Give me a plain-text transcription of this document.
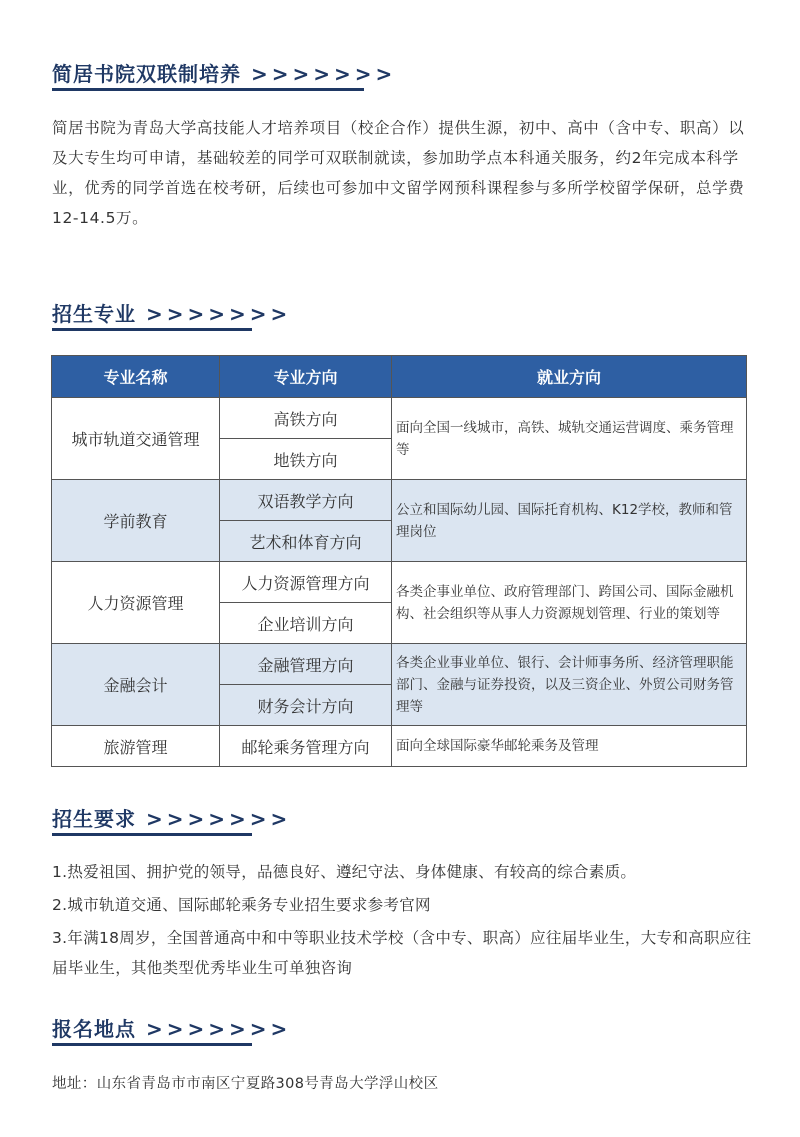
简居书院双联制培养 >>>>>>>
简居书院为青岛大学高技能人才培养项目（校企合作）提供生源，初中、高中（含中专、职高）以及大专生均可申请，基础较差的同学可双联制就读，参加助学点本科通关服务，约2年完成本科学业，优秀的同学首选在校考研，后续也可参加中文留学网预科课程参与多所学校留学保研，总学费12-14.5万。
招生专业 >>>>>>>
专业名称	专业方向	就业方向
城市轨道交通管理	高铁方向	面向全国一线城市，高铁、城轨交通运营调度、乘务管理等
	地铁方向	
学前教育	双语教学方向	公立和国际幼儿园、国际托育机构、K12学校，教师和管理岗位
	艺术和体育方向	
人力资源管理	人力资源管理方向	各类企事业单位、政府管理部门、跨国公司、国际金融机构、社会组织等从事人力资源规划管理、行业的策划等
	企业培训方向	
金融会计	金融管理方向	各类企业事业单位、银行、会计师事务所、经济管理职能部门、金融与证券投资，以及三资企业、外贸公司财务管理等
	财务会计方向	
旅游管理	邮轮乘务管理方向	面向全球国际豪华邮轮乘务及管理
招生要求 >>>>>>>
1.热爱祖国、拥护党的领导，品德良好、遵纪守法、身体健康、有较高的综合素质。
2.城市轨道交通、国际邮轮乘务专业招生要求参考官网
3.年满18周岁，全国普通高中和中等职业技术学校（含中专、职高）应往届毕业生，大专和高职应往届毕业生，其他类型优秀毕业生可单独咨询
报名地点 >>>>>>>
地址：山东省青岛市市南区宁夏路308号青岛大学浮山校区
